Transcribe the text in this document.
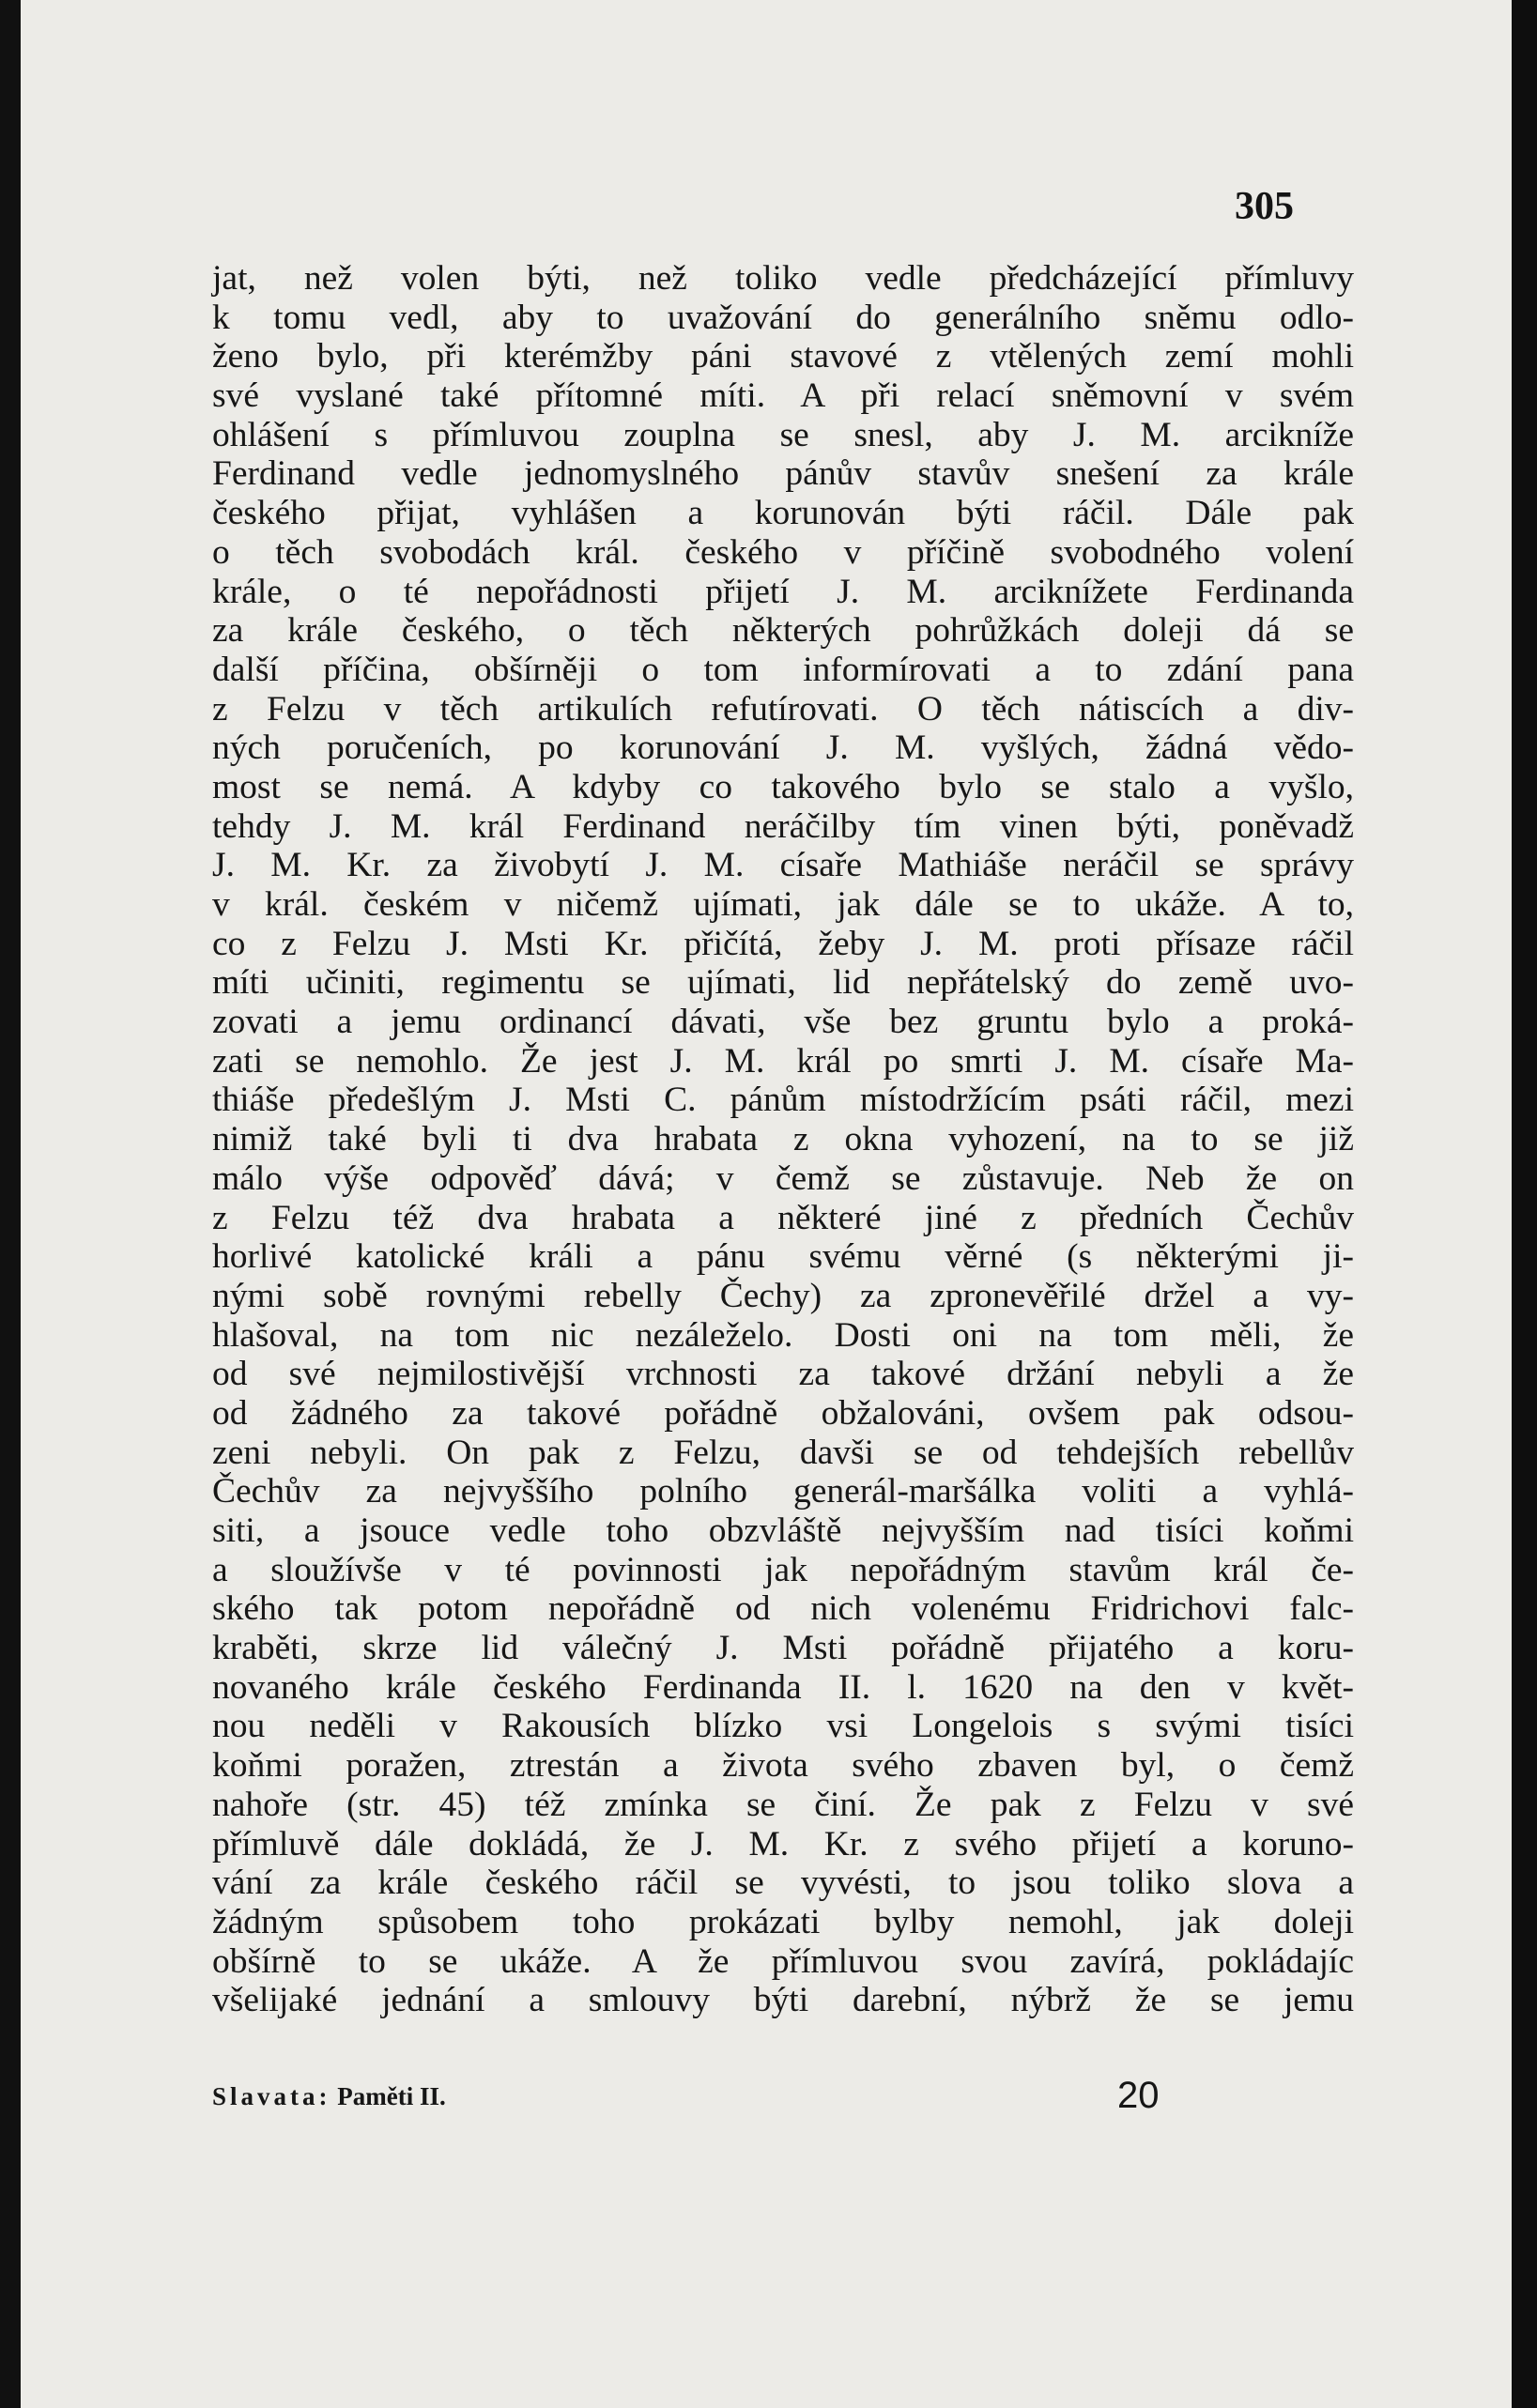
305
jat, než volen býti, než toliko vedle předcházející přímluvy
k tomu vedl, aby to uvažování do generálního sněmu odlo-
ženo bylo, při kterémžby páni stavové z vtělených zemí mohli
své vyslané také přítomné míti. A při relací sněmovní v svém
ohlášení s přímluvou zouplna se snesl, aby J. M. arcikníže
Ferdinand vedle jednomyslného pánův stavův snešení za krále
českého přijat, vyhlášen a korunován býti ráčil. Dále pak
o těch svobodách král. českého v příčině svobodného volení
krále, o té nepořádnosti přijetí J. M. arciknížete Ferdinanda
za krále českého, o těch některých pohrůžkách doleji dá se
další příčina, obšírněji o tom informírovati a to zdání pana
z Felzu v těch artikulích refutírovati. O těch nátiscích a div-
ných poručeních, po korunování J. M. vyšlých, žádná vědo-
most se nemá. A kdyby co takového bylo se stalo a vyšlo,
tehdy J. M. král Ferdinand neráčilby tím vinen býti, poněvadž
J. M. Kr. za živobytí J. M. císaře Mathiáše neráčil se správy
v král. českém v ničemž ujímati, jak dále se to ukáže. A to,
co z Felzu J. Msti Kr. přičítá, žeby J. M. proti přísaze ráčil
míti učiniti, regimentu se ujímati, lid nepřátelský do země uvo-
zovati a jemu ordinancí dávati, vše bez gruntu bylo a proká-
zati se nemohlo. Že jest J. M. král po smrti J. M. císaře Ma-
thiáše předešlým J. Msti C. pánům místodržícím psáti ráčil, mezi
nimiž také byli ti dva hrabata z okna vyhození, na to se již
málo výše odpověď dává; v čemž se zůstavuje. Neb že on
z Felzu též dva hrabata a některé jiné z předních Čechův
horlivé katolické králi a pánu svému věrné (s některými ji-
nými sobě rovnými rebelly Čechy) za zpronevěřilé držel a vy-
hlašoval, na tom nic nezáleželo. Dosti oni na tom měli, že
od své nejmilostivější vrchnosti za takové držání nebyli a že
od žádného za takové pořádně obžalováni, ovšem pak odsou-
zeni nebyli. On pak z Felzu, davši se od tehdejších rebellův
Čechův za nejvyššího polního generál-maršálka voliti a vyhlá-
siti, a jsouce vedle toho obzvláště nejvyšším nad tisíci koňmi
a sloužívše v té povinnosti jak nepořádným stavům král če-
ského tak potom nepořádně od nich volenému Fridrichovi falc-
kraběti, skrze lid válečný J. Msti pořádně přijatého a koru-
novaného krále českého Ferdinanda II. l. 1620 na den v květ-
nou neděli v Rakousích blízko vsi Longelois s svými tisíci
koňmi poražen, ztrestán a života svého zbaven byl, o čemž
nahoře (str. 45) též zmínka se činí. Že pak z Felzu v své
přímluvě dále dokládá, že J. M. Kr. z svého přijetí a koruno-
vání za krále českého ráčil se vyvésti, to jsou toliko slova a
žádným spůsobem toho prokázati bylby nemohl, jak doleji
obšírně to se ukáže. A že přímluvou svou zavírá, pokládajíc
všelijaké jednání a smlouvy býti darební, nýbrž že se jemu
Slavata: Paměti II.	20
